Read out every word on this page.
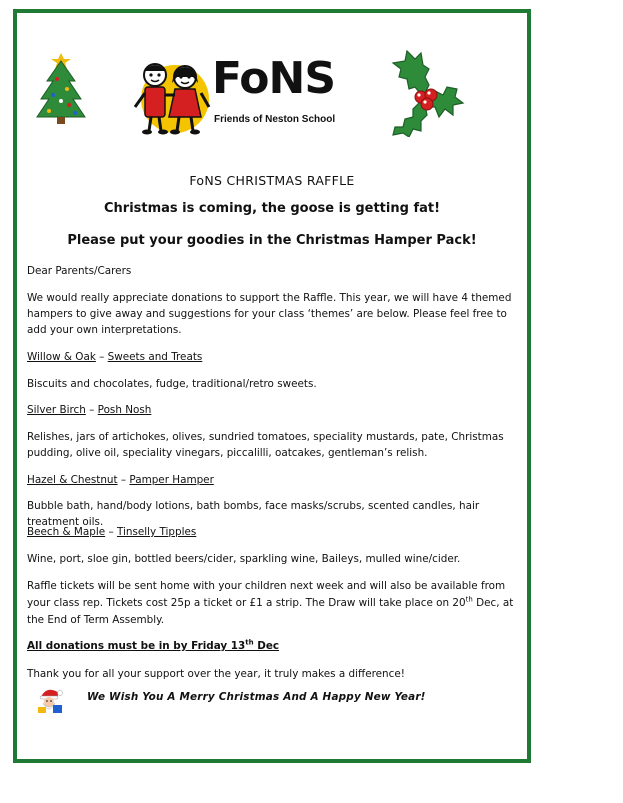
FoNS
Friends of Neston School
FoNS CHRISTMAS RAFFLE
Christmas is coming, the goose is getting fat!
Please put your goodies in the Christmas Hamper Pack!
Dear Parents/Carers
We would really appreciate donations to support the Raffle. This year, we will have 4 themed hampers to give away and suggestions for your class ‘themes’ are below. Please feel free to add your own interpretations.
Willow & Oak – Sweets and Treats
Biscuits and chocolates, fudge, traditional/retro sweets.
Silver Birch – Posh Nosh
Relishes, jars of artichokes, olives, sundried tomatoes, speciality mustards, pate, Christmas pudding, olive oil, speciality vinegars, piccalilli, oatcakes, gentleman’s relish.
Hazel & Chestnut – Pamper Hamper
Bubble bath, hand/body lotions, bath bombs, face masks/scrubs, scented candles, hair treatment oils.
Beech & Maple – Tinselly Tipples
Wine, port, sloe gin, bottled beers/cider, sparkling wine, Baileys, mulled wine/cider.
Raffle tickets will be sent home with your children next week and will also be available from your class rep. Tickets cost 25p a ticket or £1 a strip. The Draw will take place on 20th Dec, at the End of Term Assembly.
All donations must be in by Friday 13th Dec
Thank you for all your support over the year, it truly makes a difference!
We Wish You A Merry Christmas And A Happy New Year!
